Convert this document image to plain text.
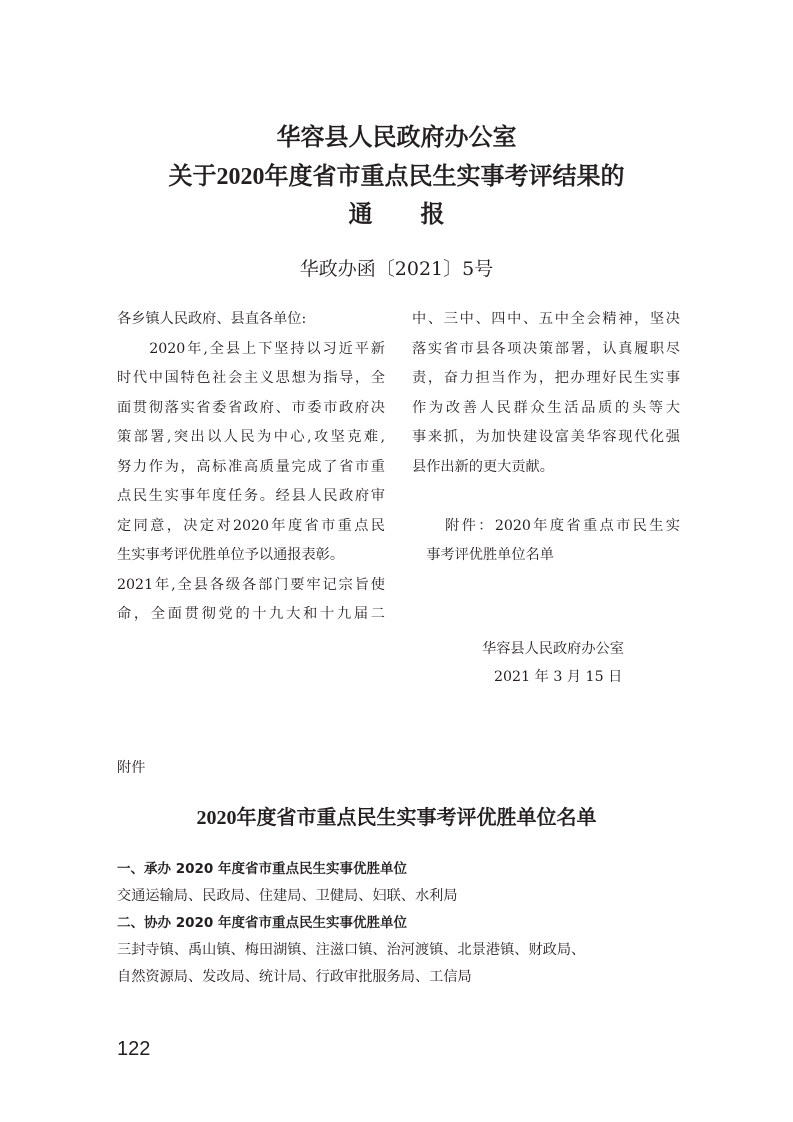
华容县人民政府办公室
关于2020年度省市重点民生实事考评结果的
通　　报
华政办函〔2021〕5号
各乡镇人民政府、县直各单位:
　　2020年,全县上下坚持以习近平新
时代中国特色社会主义思想为指导，全
面贯彻落实省委省政府、市委市政府决
策部署,突出以人民为中心,攻坚克难,
努力作为，高标准高质量完成了省市重
点民生实事年度任务。经县人民政府审
定同意，决定对2020年度省市重点民
生实事考评优胜单位予以通报表彰。
2021年,全县各级各部门要牢记宗旨使
命，全面贯彻党的十九大和十九届二
中、三中、四中、五中全会精神，坚决
落实省市县各项决策部署，认真履职尽
责，奋力担当作为，把办理好民生实事
作为改善人民群众生活品质的头等大
事来抓，为加快建设富美华容现代化强
县作出新的更大贡献。
　　附件：2020年度省重点市民生实
　事考评优胜单位名单
华容县人民政府办公室
2021 年 3 月 15 日
附件
2020年度省市重点民生实事考评优胜单位名单
一、承办 2020 年度省市重点民生实事优胜单位
交通运输局、民政局、住建局、卫健局、妇联、水利局
二、协办 2020 年度省市重点民生实事优胜单位
三封寺镇、禹山镇、梅田湖镇、注滋口镇、治河渡镇、北景港镇、财政局、
自然资源局、发改局、统计局、行政审批服务局、工信局
122
